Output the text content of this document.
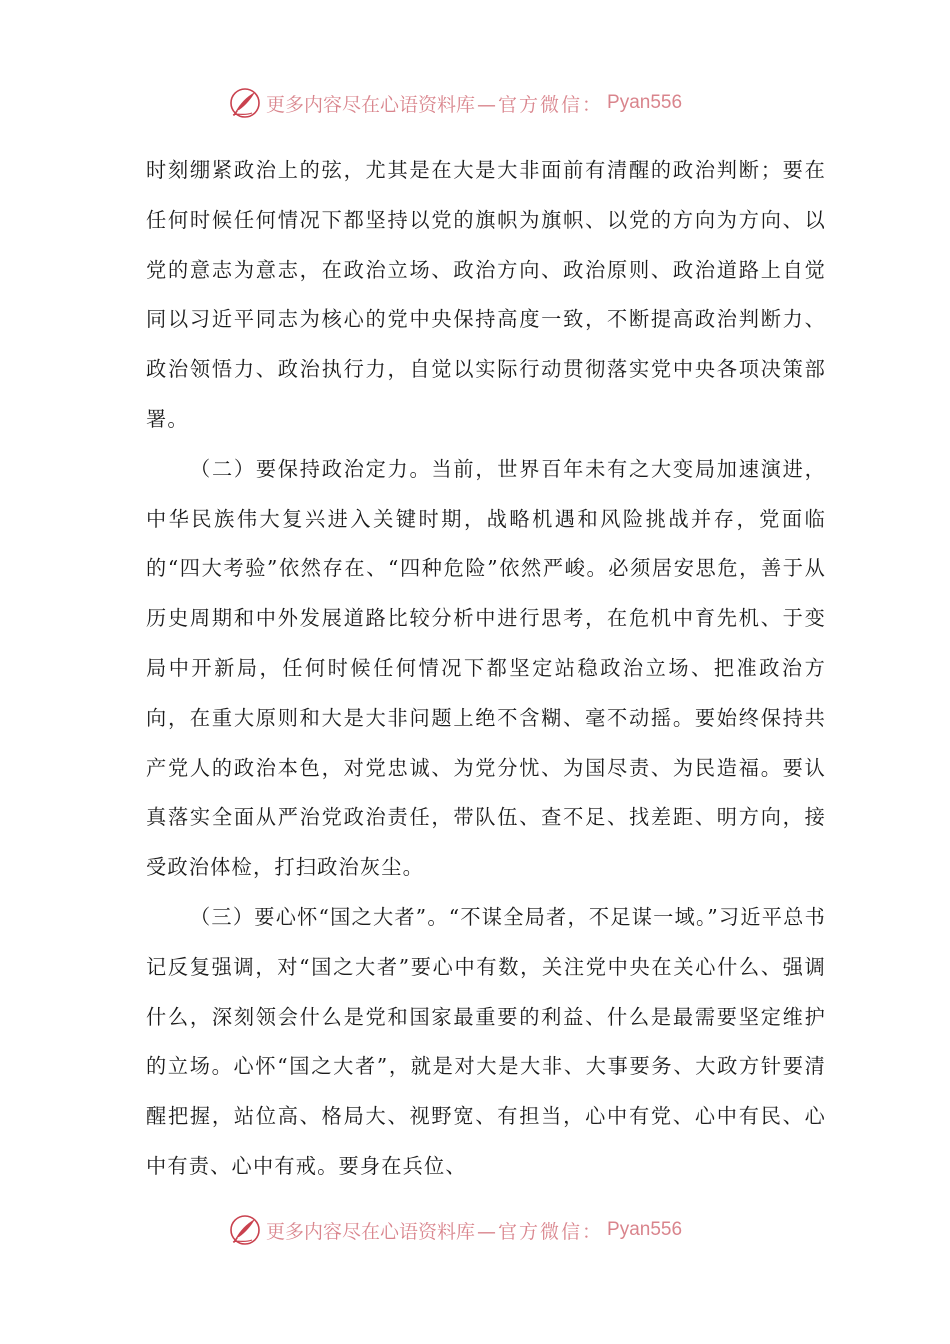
更多内容尽在心语资料库 —官方微信： Pyan556

时刻绷紧政治上的弦，尤其是在大是大非面前有清醒的政治判断；要在任何时候任何情况下都坚持以党的旗帜为旗帜、以党的方向为方向、以党的意志为意志，在政治立场、政治方向、政治原则、政治道路上自觉同以习近平同志为核心的党中央保持高度一致，不断提高政治判断力、政治领悟力、政治执行力，自觉以实际行动贯彻落实党中央各项决策部署。

（二）要保持政治定力。当前，世界百年未有之大变局加速演进，中华民族伟大复兴进入关键时期，战略机遇和风险挑战并存，党面临的“四大考验”依然存在、“四种危险”依然严峻。必须居安思危，善于从历史周期和中外发展道路比较分析中进行思考，在危机中育先机、于变局中开新局，任何时候任何情况下都坚定站稳政治立场、把准政治方向，在重大原则和大是大非问题上绝不含糊、毫不动摇。要始终保持共产党人的政治本色，对党忠诚、为党分忧、为国尽责、为民造福。要认真落实全面从严治党政治责任，带队伍、查不足、找差距、明方向，接受政治体检，打扫政治灰尘。

（三）要心怀“国之大者”。“不谋全局者，不足谋一域。”习近平总书记反复强调，对“国之大者”要心中有数，关注党中央在关心什么、强调什么，深刻领会什么是党和国家最重要的利益、什么是最需要坚定维护的立场。心怀“国之大者”，就是对大是大非、大事要务、大政方针要清醒把握，站位高、格局大、视野宽、有担当，心中有党、心中有民、心中有责、心中有戒。要身在兵位、

更多内容尽在心语资料库 —官方微信： Pyan556
